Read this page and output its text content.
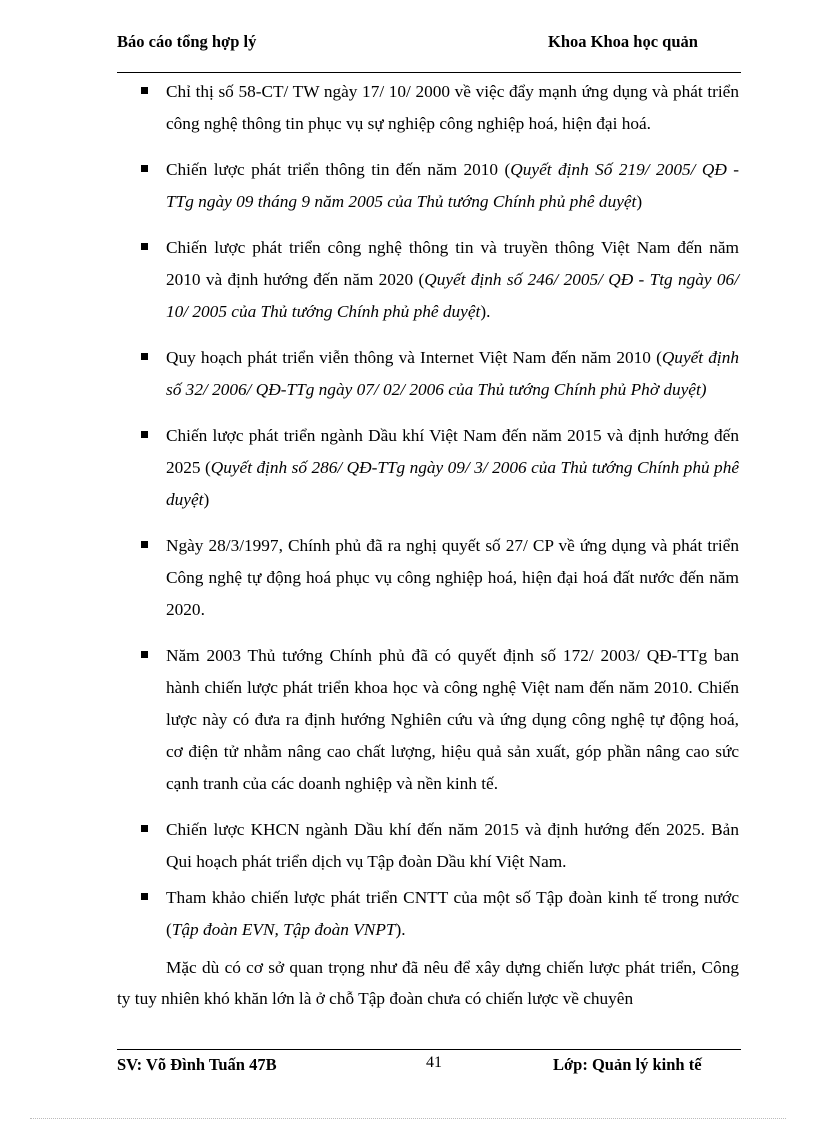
Báo cáo tổng hợp lý	Khoa Khoa học quản

Chỉ thị số 58-CT/ TW ngày 17/ 10/ 2000 về việc đẩy mạnh ứng dụng và phát triển công nghệ thông tin phục vụ sự nghiệp công nghiệp hoá, hiện đại hoá.

Chiến lược phát triển thông tin đến năm 2010 (Quyết định Số 219/ 2005/ QĐ - TTg ngày 09 tháng 9 năm 2005 của Thủ tướng Chính phủ phê duyệt)

Chiến lược phát triển công nghệ thông tin và truyền thông Việt Nam đến năm 2010 và định hướng đến năm 2020 (Quyết định số 246/ 2005/ QĐ - Ttg ngày 06/ 10/ 2005 của Thủ tướng Chính phủ phê duyệt).

Quy hoạch phát triển viễn thông và Internet Việt Nam đến năm 2010 (Quyết định số 32/ 2006/ QĐ-TTg ngày 07/ 02/ 2006 của Thủ tướng Chính phủ Phờ duyệt)

Chiến lược phát triển ngành Dầu khí Việt Nam đến năm 2015 và định hướng đến 2025 (Quyết định số 286/ QĐ-TTg ngày 09/ 3/ 2006 của Thủ tướng Chính phủ phê duyệt)

Ngày 28/3/1997, Chính phủ đã ra nghị quyết số 27/ CP về ứng dụng và phát triển Công nghệ tự động hoá phục vụ công nghiệp hoá, hiện đại hoá đất nước đến năm 2020.

Năm 2003 Thủ tướng Chính phủ đã có quyết định số 172/ 2003/ QĐ-TTg ban hành chiến lược phát triển khoa học và công nghệ Việt nam đến năm 2010. Chiến lược này có đưa ra định hướng Nghiên cứu và ứng dụng công nghệ tự động hoá, cơ điện tử nhằm nâng cao chất lượng, hiệu quả sản xuất, góp phần nâng cao sức cạnh tranh của các doanh nghiệp và nền kinh tế.

Chiến lược KHCN ngành Dầu khí đến năm 2015 và định hướng đến 2025. Bản Qui hoạch phát triển dịch vụ Tập đoàn Dầu khí Việt Nam.

Tham khảo chiến lược phát triển CNTT của một số Tập đoàn kinh tế trong nước (Tập đoàn EVN, Tập đoàn VNPT).

Mặc dù có cơ sở quan trọng như đã nêu để xây dựng chiến lược phát triển, Công ty tuy nhiên khó khăn lớn là ở chỗ Tập đoàn chưa có chiến lược về chuyên

SV: Võ Đình Tuấn 47B	41	Lớp: Quản lý kinh tế
